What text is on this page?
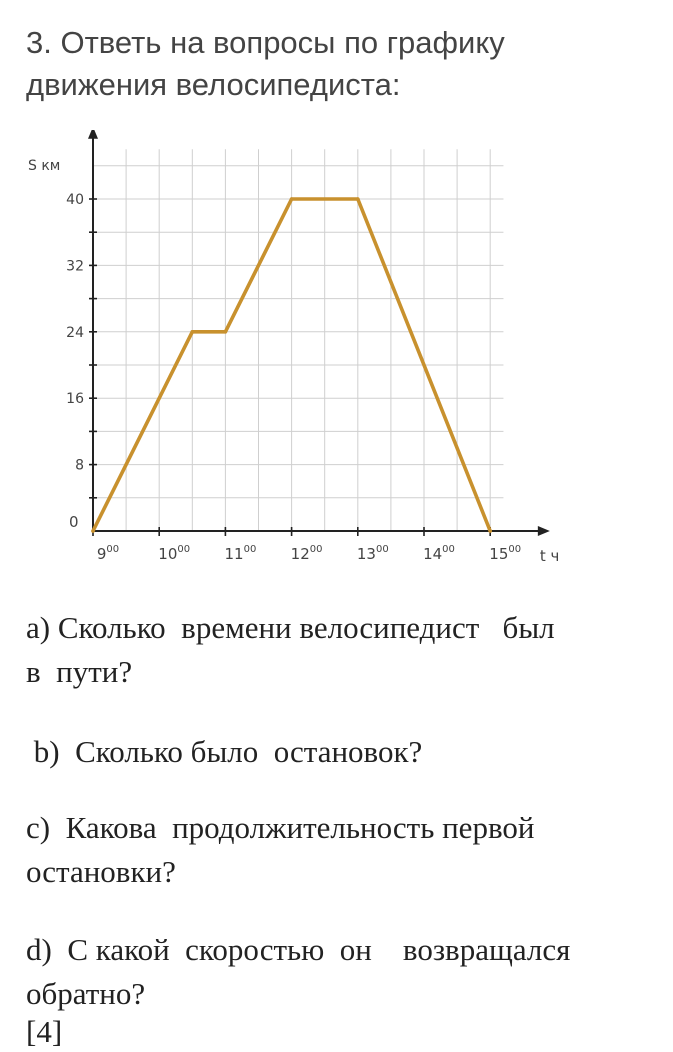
3. Ответь на вопросы по графику
движения велосипедиста:
8
16
24
32
40
0
S км
$9^{00}$	$10^{00}$ $11^{00}$ $12^{00}$ $13^{00}$ $14^{00}$ $15^{00}$ t ч
a) Сколько  времени велосипедист   был
в  пути?
b)  Сколько было  остановок?
c)  Какова  продолжительность первой
остановки?
d)  С какой  скоростью  он    возвращался
обратно?
[4]
